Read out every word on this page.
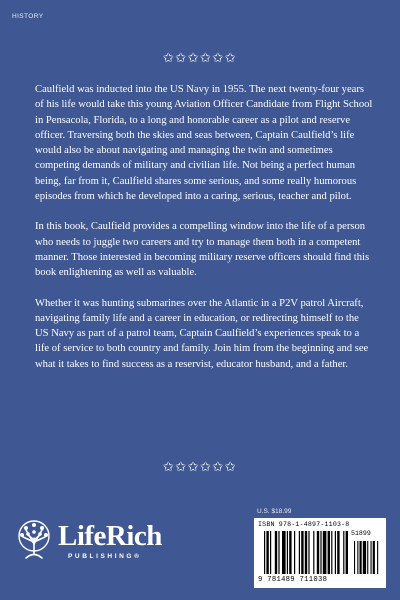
HISTORY
✩✩✩✩✩✩

Caulfield was inducted into the US Navy in 1955. The next twenty-four years of his life would take this young Aviation Officer Candidate from Flight School in Pensacola, Florida, to a long and honorable career as a pilot and reserve officer. Traversing both the skies and seas between, Captain Caulfield’s life would also be about navigating and managing the twin and sometimes competing demands of military and civilian life. Not being a perfect human being, far from it, Caulfield shares some serious, and some really humorous episodes from which he developed into a caring, serious, teacher and pilot.

In this book, Caulfield provides a compelling window into the life of a person who needs to juggle two careers and try to manage them both in a competent manner. Those interested in becoming military reserve officers should find this book enlightening as well as valuable.

Whether it was hunting submarines over the Atlantic in a P2V patrol Aircraft, navigating family life and a career in education, or redirecting himself to the US Navy as part of a patrol team, Captain Caulfield’s experiences speak to a life of service to both country and family. Join him from the beginning and see what it takes to find success as a reservist, educator husband, and a father.

✩✩✩✩✩✩
LifeRich
PUBLISHING®
U.S. $18.99
ISBN 978-1-4897-1103-8
51899
9 781489 711038
